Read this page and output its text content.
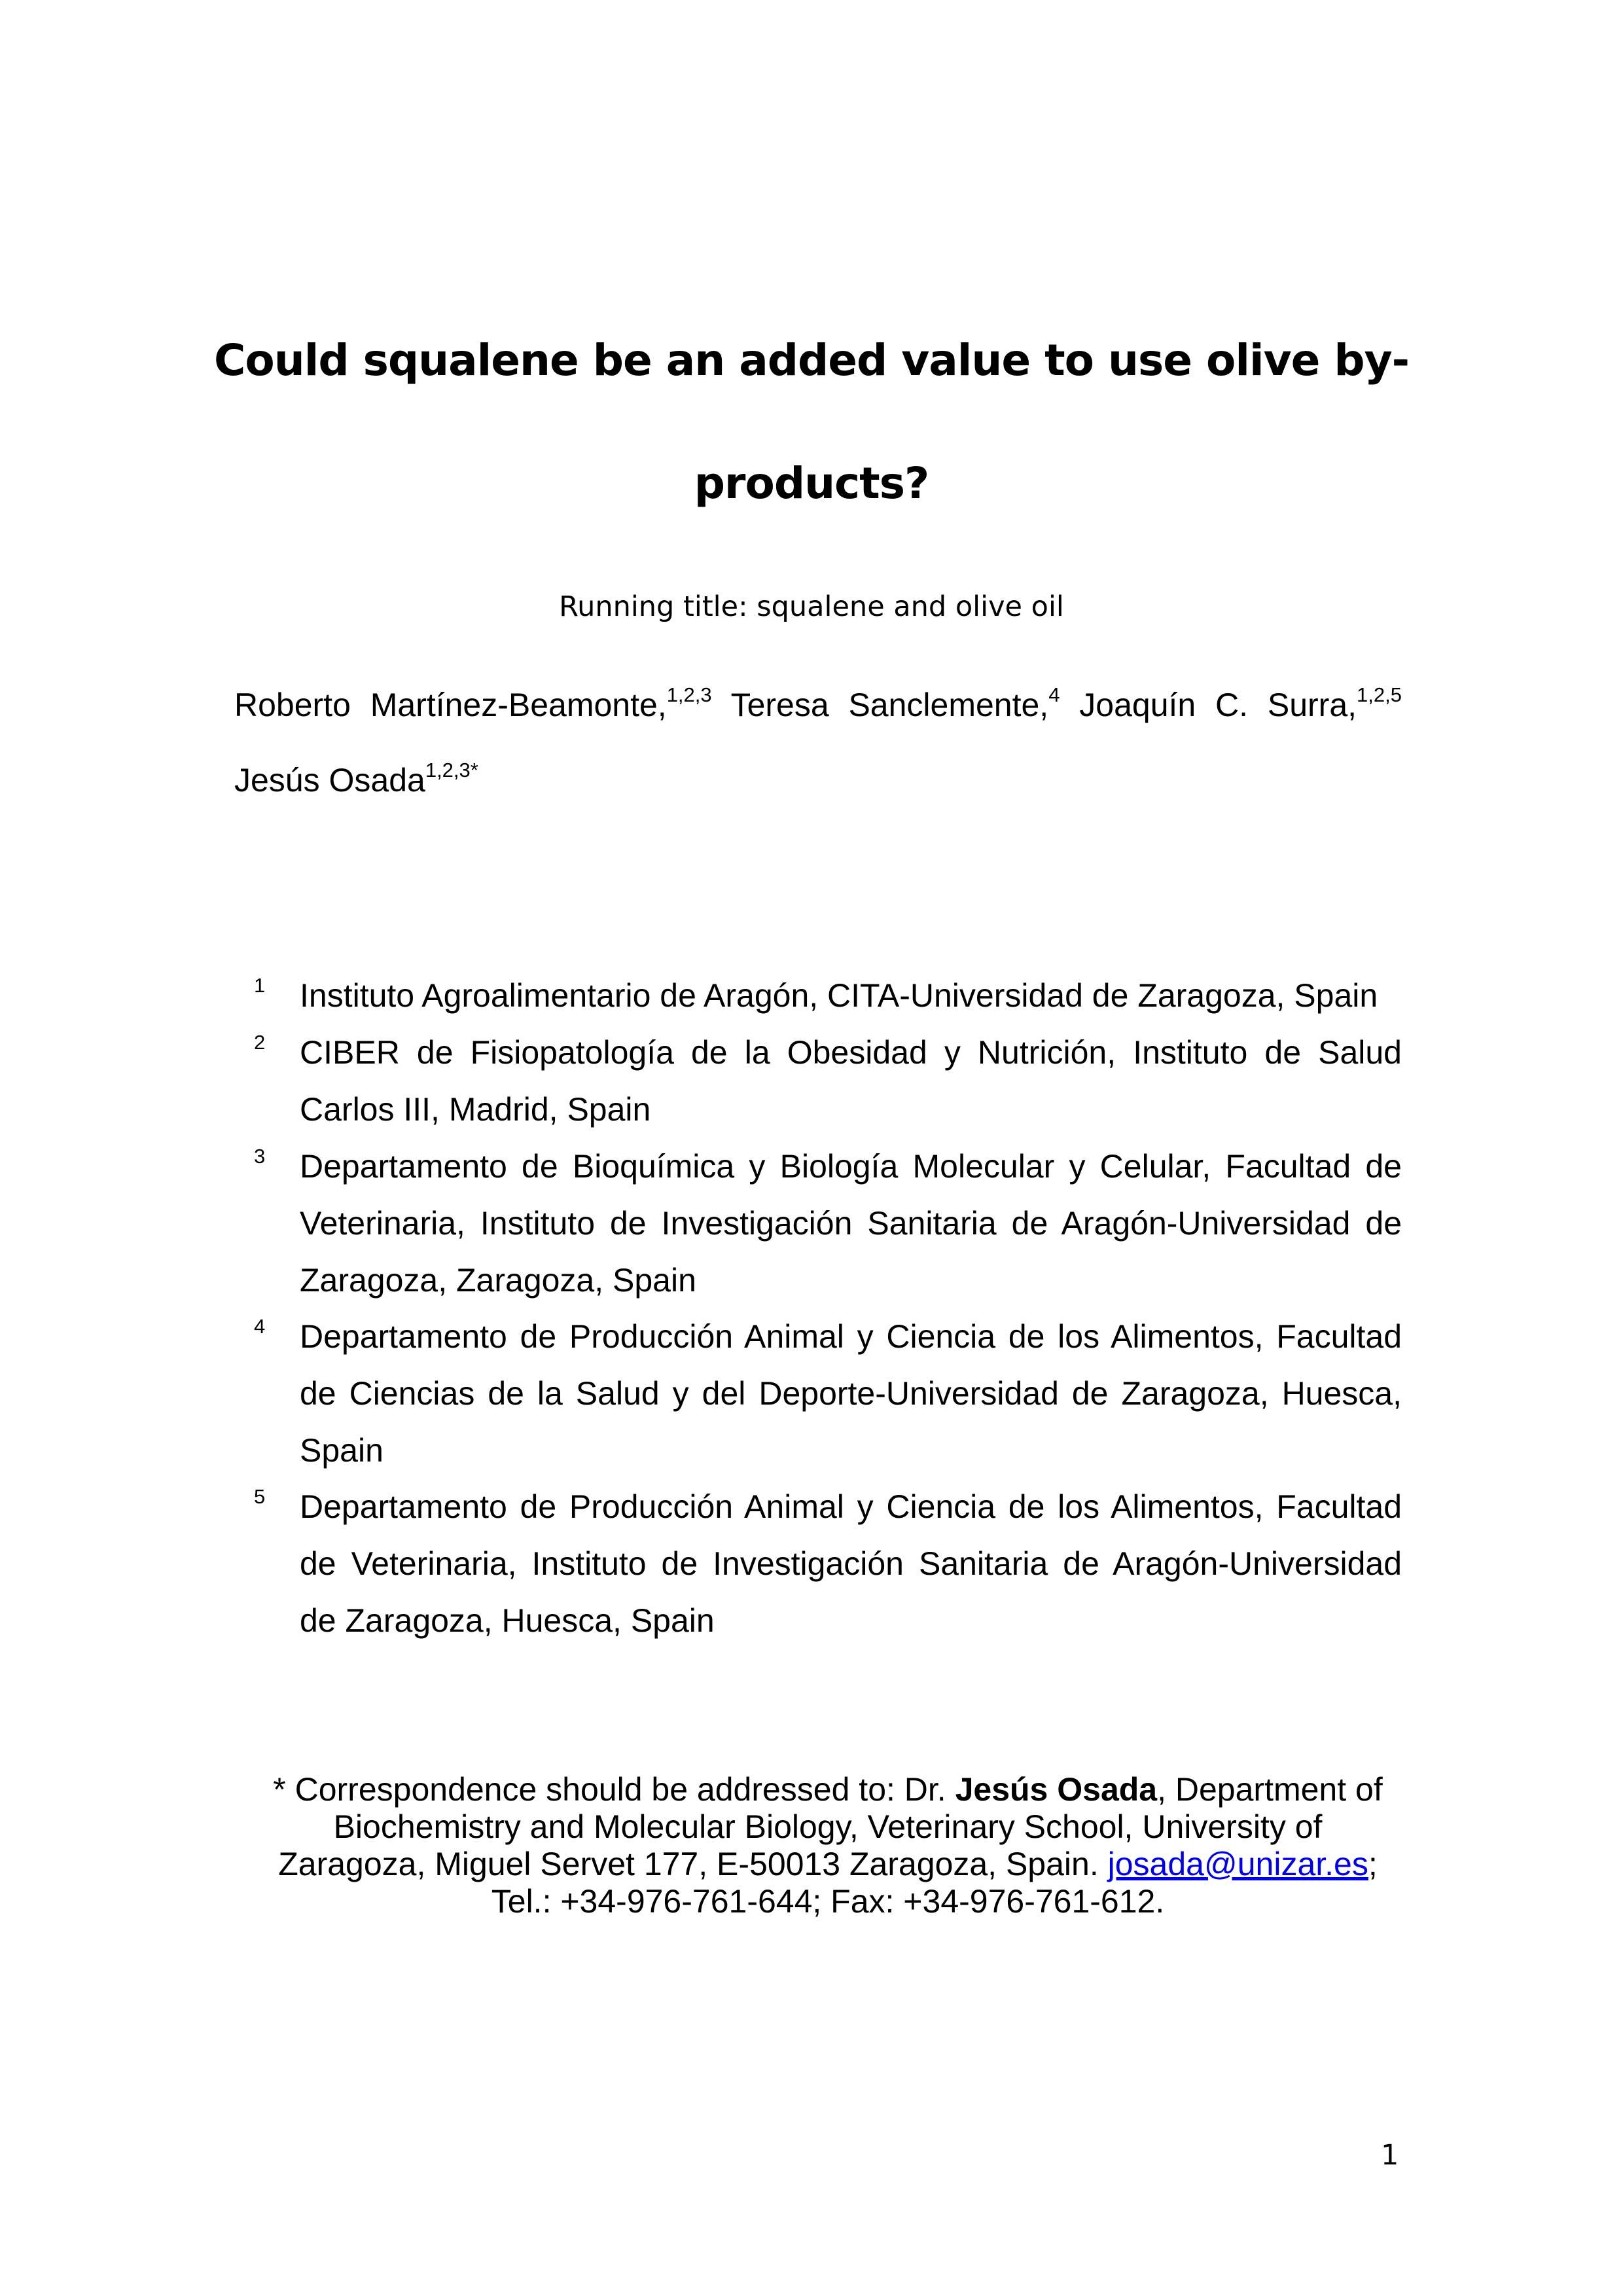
Could squalene be an added value to use olive by-
products?
Running title: squalene and olive oil
Roberto Martínez-Beamonte,$^{1,2,3}$ Teresa Sanclemente,$^4$ Joaquín C. Surra,$^{1,2,5}$ Jesús Osada$^{1,2,3*}$
1 Instituto Agroalimentario de Aragón, CITA-Universidad de Zaragoza, Spain
2 CIBER de Fisiopatología de la Obesidad y Nutrición, Instituto de Salud Carlos III, Madrid, Spain
3 Departamento de Bioquímica y Biología Molecular y Celular, Facultad de Veterinaria, Instituto de Investigación Sanitaria de Aragón-Universidad de Zaragoza, Zaragoza, Spain
4 Departamento de Producción Animal y Ciencia de los Alimentos, Facultad de Ciencias de la Salud y del Deporte-Universidad de Zaragoza, Huesca, Spain
5 Departamento de Producción Animal y Ciencia de los Alimentos, Facultad de Veterinaria, Instituto de Investigación Sanitaria de Aragón-Universidad de Zaragoza, Huesca, Spain
* Correspondence should be addressed to: Dr. Jesús Osada, Department of Biochemistry and Molecular Biology, Veterinary School, University of Zaragoza, Miguel Servet 177, E-50013 Zaragoza, Spain. josada@unizar.es;
Tel.: +34-976-761-644; Fax: +34-976-761-612.
1
